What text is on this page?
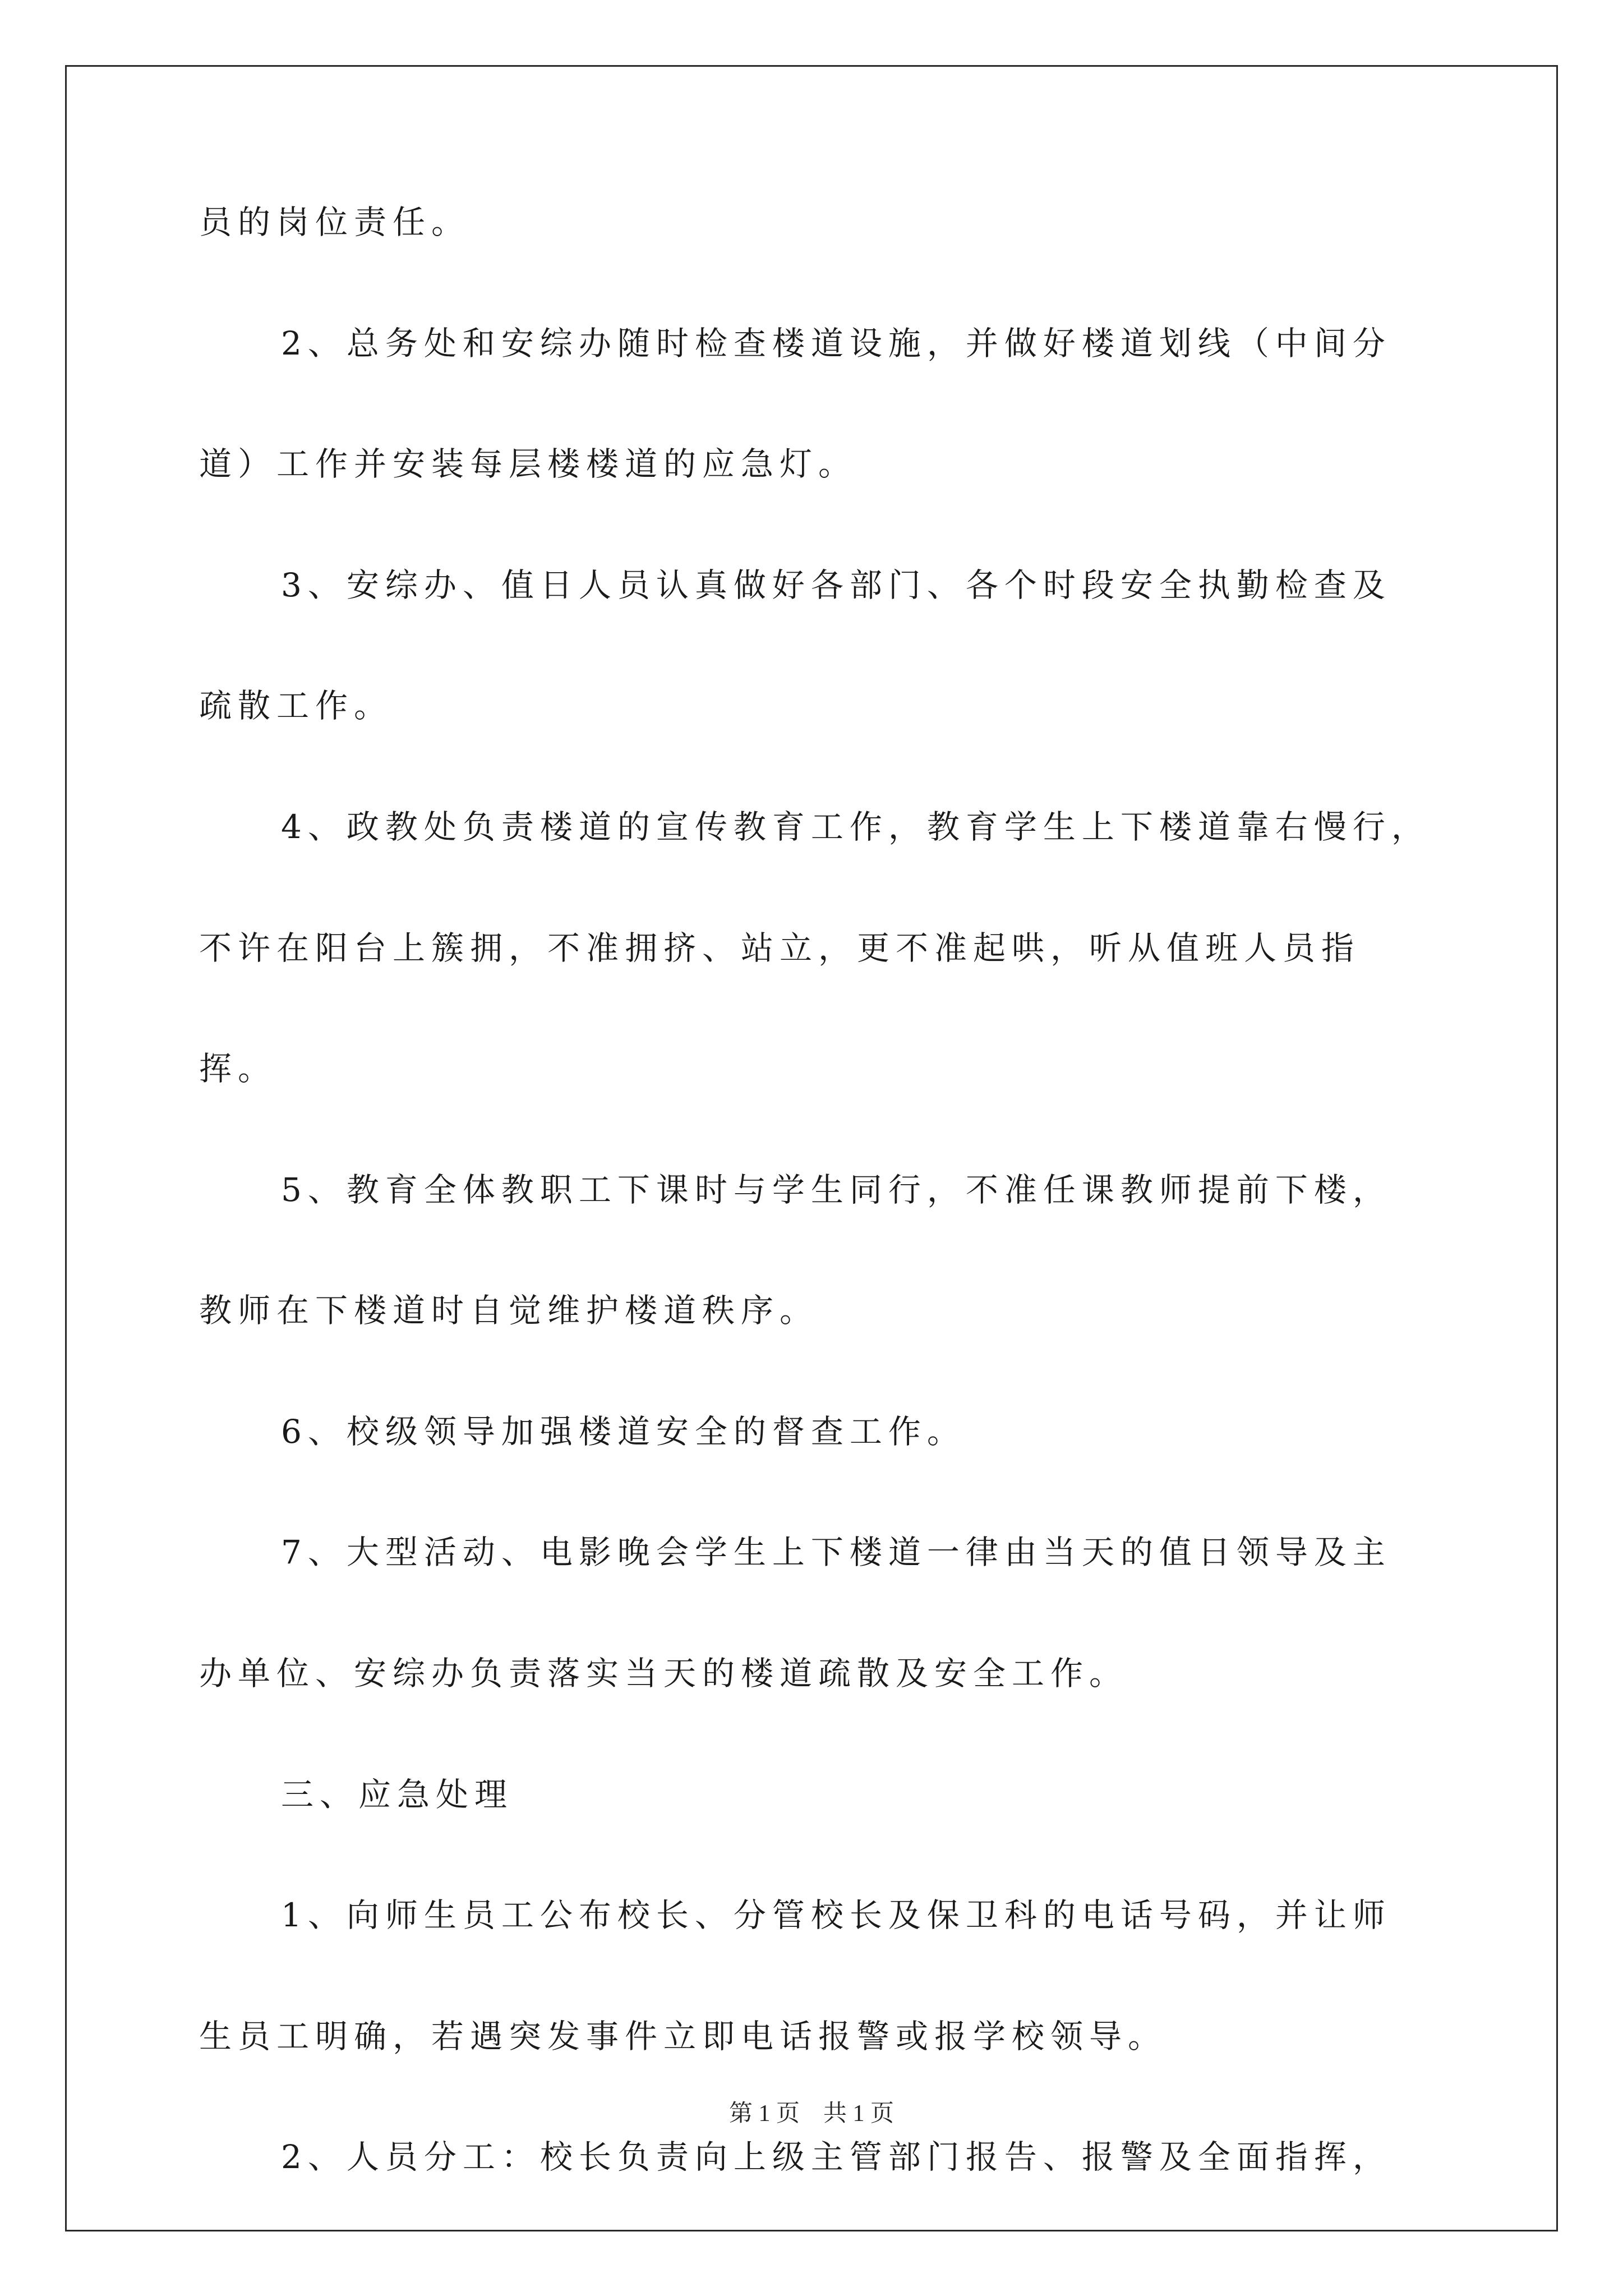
员的岗位责任。
2、总务处和安综办随时检查楼道设施，并做好楼道划线（中间分
道）工作并安装每层楼楼道的应急灯。
3、安综办、值日人员认真做好各部门、各个时段安全执勤检查及
疏散工作。
4、政教处负责楼道的宣传教育工作，教育学生上下楼道靠右慢行，
不许在阳台上簇拥，不准拥挤、站立，更不准起哄，听从值班人员指
挥。
5、教育全体教职工下课时与学生同行，不准任课教师提前下楼，
教师在下楼道时自觉维护楼道秩序。
6、校级领导加强楼道安全的督查工作。
7、大型活动、电影晚会学生上下楼道一律由当天的值日领导及主
办单位、安综办负责落实当天的楼道疏散及安全工作。
三、应急处理
1、向师生员工公布校长、分管校长及保卫科的电话号码，并让师
生员工明确，若遇突发事件立即电话报警或报学校领导。
2、人员分工：校长负责向上级主管部门报告、报警及全面指挥，
第 1 页　共 1 页
